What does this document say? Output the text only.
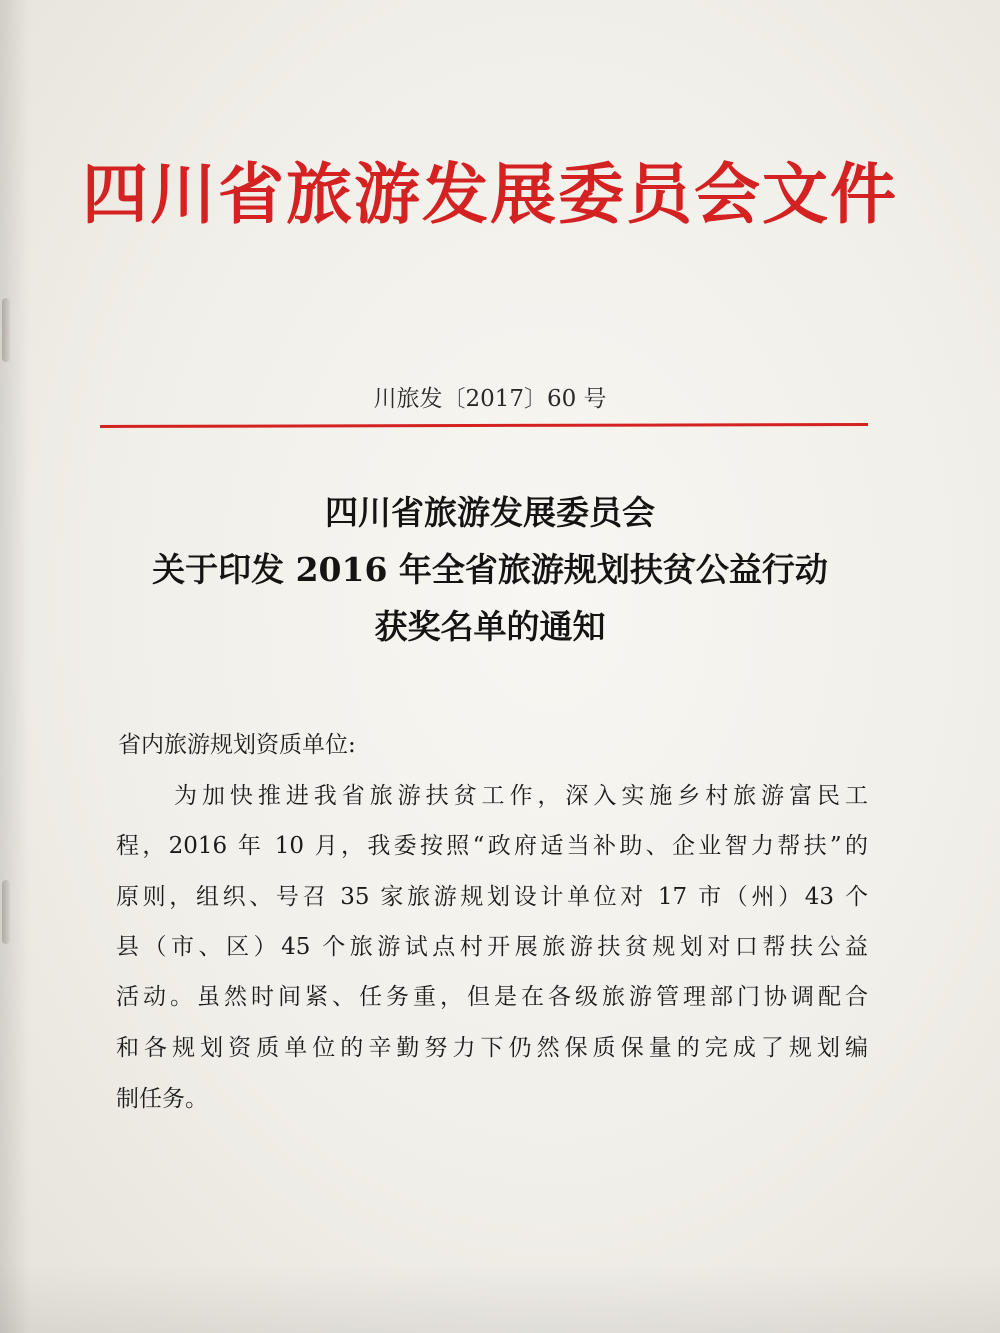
四川省旅游发展委员会文件
川旅发〔2017〕60 号
四川省旅游发展委员会
关于印发 2016 年全省旅游规划扶贫公益行动
获奖名单的通知
省内旅游规划资质单位:
为加快推进我省旅游扶贫工作，深入实施乡村旅游富民工
程，2016 年 10 月，我委按照“政府适当补助、企业智力帮扶”的
原则，组织、号召 35 家旅游规划设计单位对 17 市（州）43 个
县（市、区）45 个旅游试点村开展旅游扶贫规划对口帮扶公益
活动。虽然时间紧、任务重，但是在各级旅游管理部门协调配合
和各规划资质单位的辛勤努力下仍然保质保量的完成了规划编
制任务。
